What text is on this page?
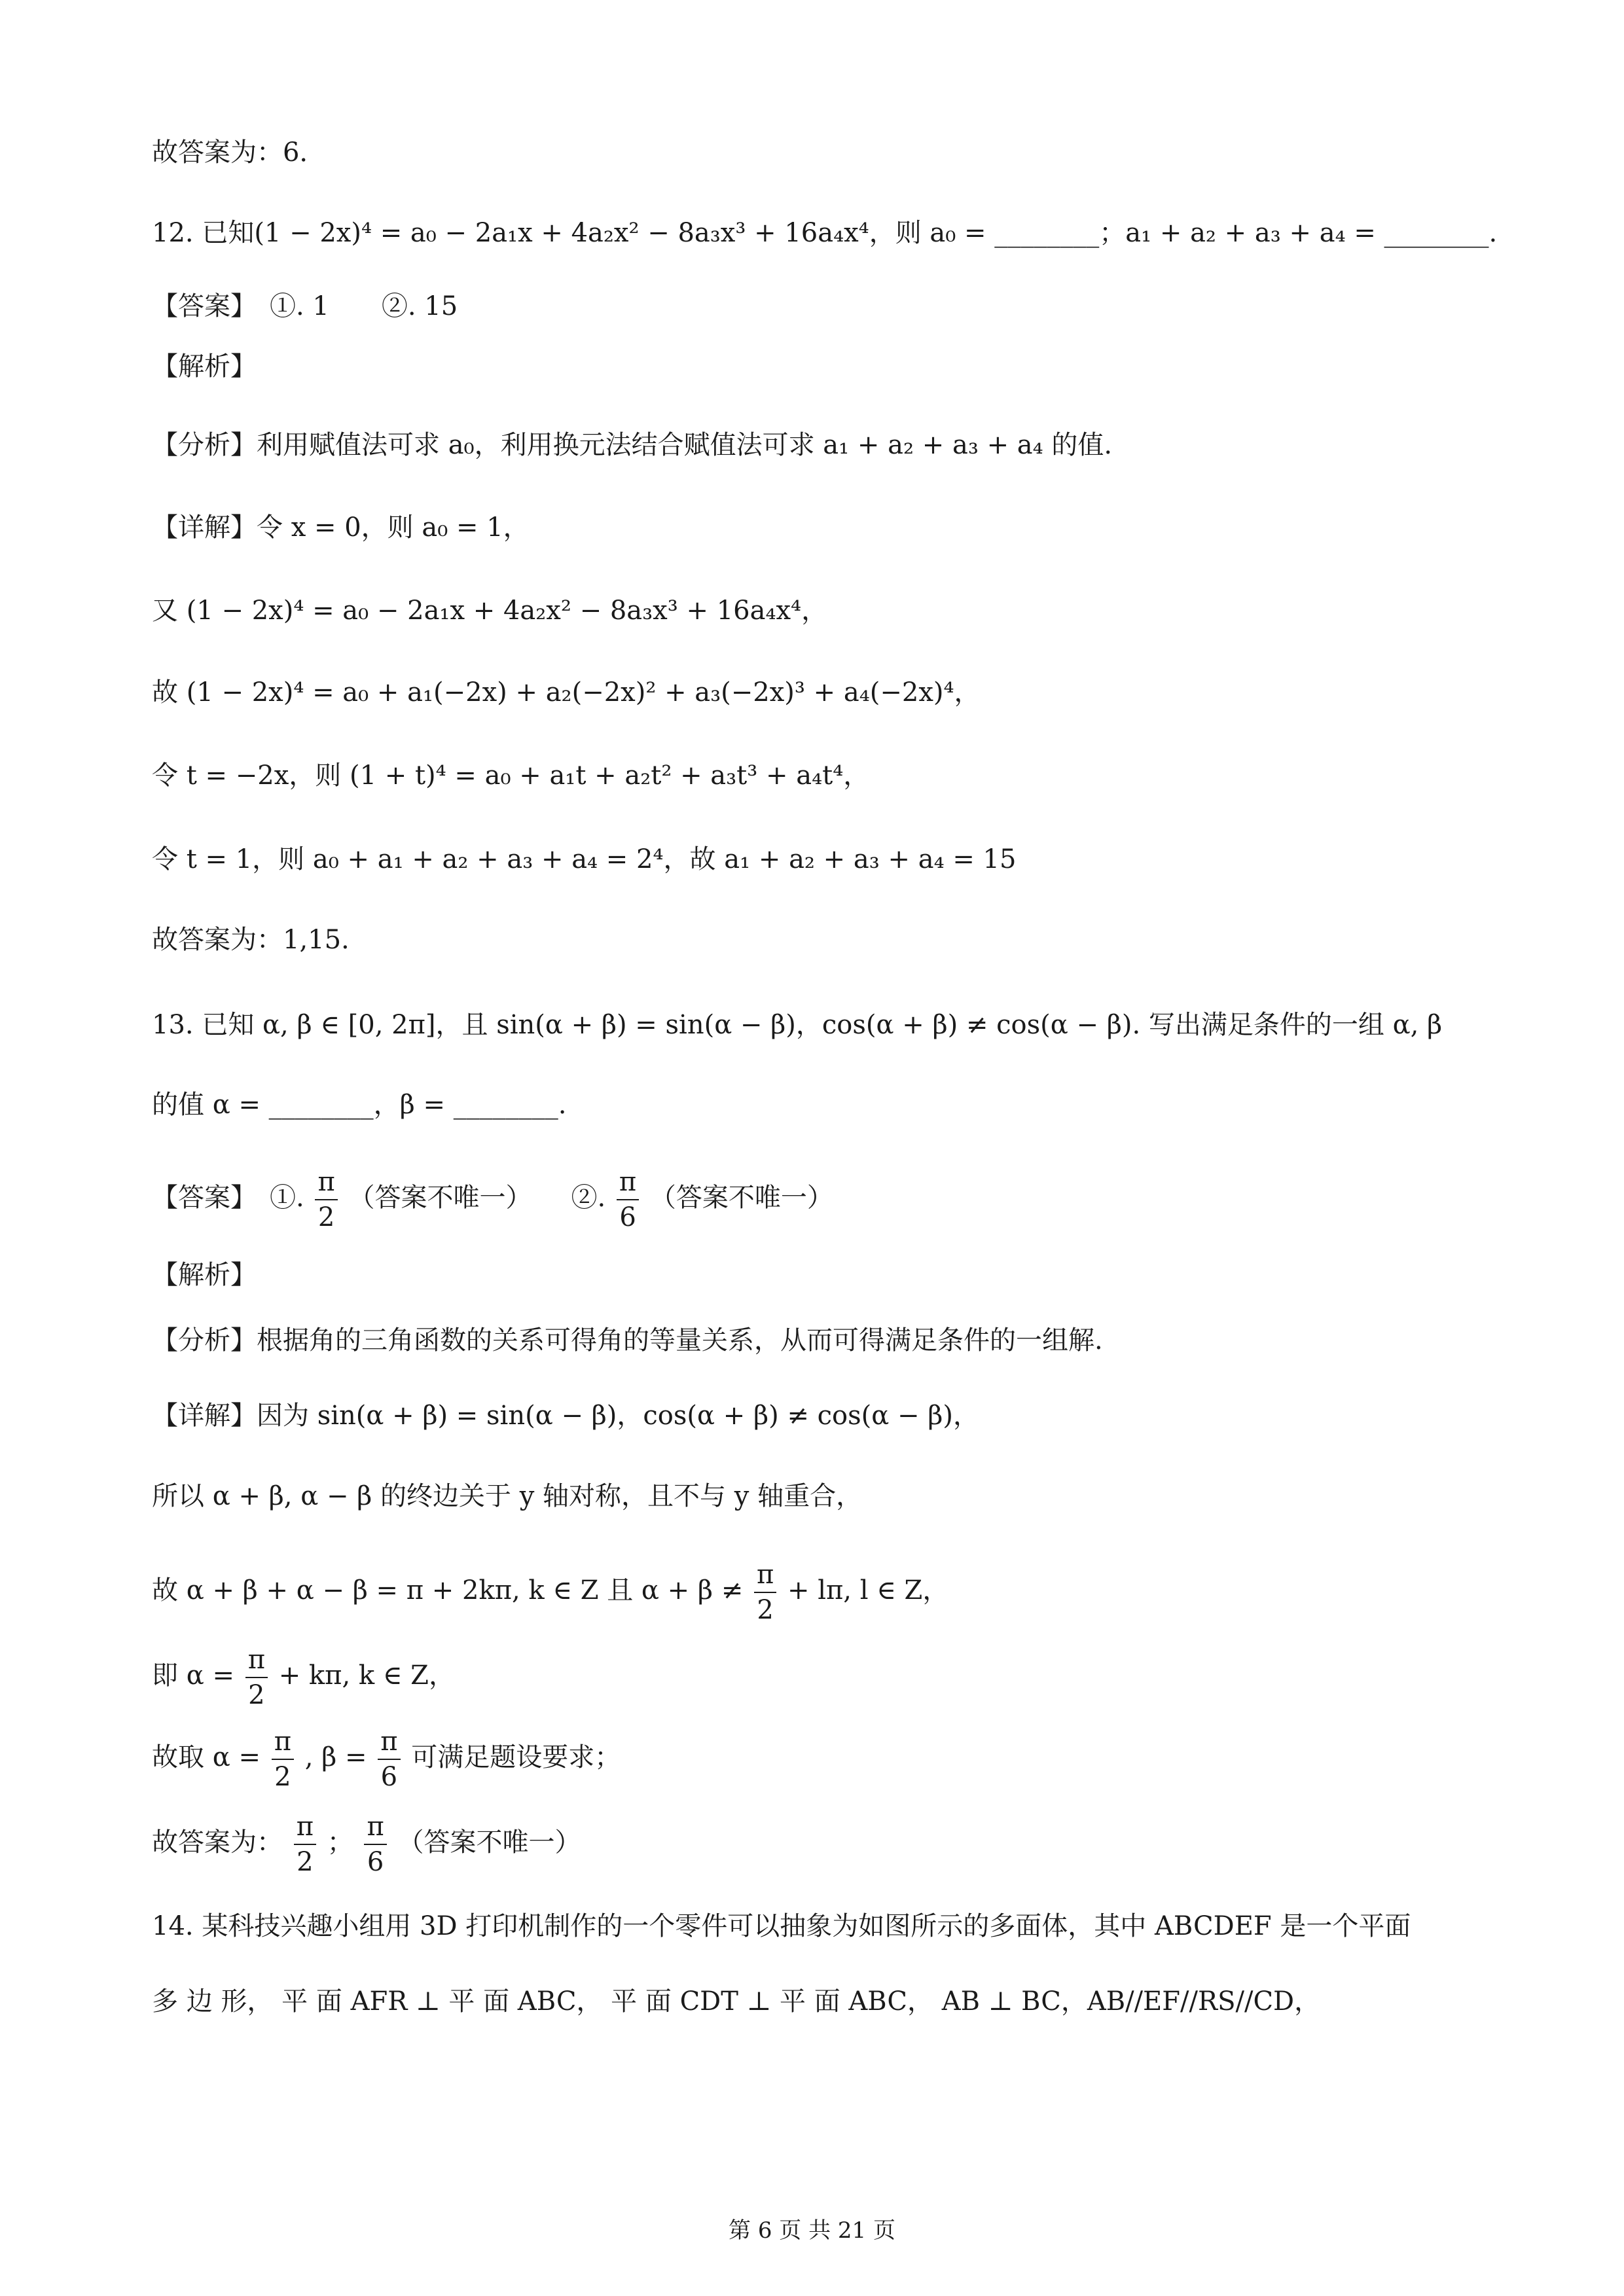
故答案为：6．
12. 已知(1 − 2x)⁴ = a₀ − 2a₁x + 4a₂x² − 8a₃x³ + 16a₄x⁴，则 a₀ = ________；a₁ + a₂ + a₃ + a₄ = ________.
【答案】　①. 1　　②. 15
【解析】
【分析】利用赋值法可求 a₀，利用换元法结合赋值法可求 a₁ + a₂ + a₃ + a₄ 的值.
【详解】令 x = 0，则 a₀ = 1，
又 (1 − 2x)⁴ = a₀ − 2a₁x + 4a₂x² − 8a₃x³ + 16a₄x⁴，
故 (1 − 2x)⁴ = a₀ + a₁(−2x) + a₂(−2x)² + a₃(−2x)³ + a₄(−2x)⁴，
令 t = −2x，则 (1 + t)⁴ = a₀ + a₁t + a₂t² + a₃t³ + a₄t⁴，
令 t = 1，则 a₀ + a₁ + a₂ + a₃ + a₄ = 2⁴，故 a₁ + a₂ + a₃ + a₄ = 15
故答案为：1,15.
13. 已知 α, β ∈ [0, 2π]，且 sin(α + β) = sin(α − β)，cos(α + β) ≠ cos(α − β). 写出满足条件的一组 α, β
的值 α = ________，β = ________.
【答案】　①. $\frac{\pi}{2}$ （答案不唯一）　　②. $\frac{\pi}{6}$ （答案不唯一）
【解析】
【分析】根据角的三角函数的关系可得角的等量关系，从而可得满足条件的一组解.
【详解】因为 sin(α + β) = sin(α − β)，cos(α + β) ≠ cos(α − β)，
所以 α + β, α − β 的终边关于 y 轴对称，且不与 y 轴重合，
故 α + β + α − β = π + 2kπ, k ∈ Z 且 $\alpha + \beta \ne \frac{\pi}{2} + l\pi$, l ∈ Z，
即 $\alpha = \frac{\pi}{2} + k\pi$, k ∈ Z，
故取 $\alpha = \frac{\pi}{2}$ , $\beta = \frac{\pi}{6}$ 可满足题设要求；
故答案为： $\frac{\pi}{2}$ ； $\frac{\pi}{6}$ （答案不唯一）
14. 某科技兴趣小组用 3D 打印机制作的一个零件可以抽象为如图所示的多面体，其中 ABCDEF 是一个平面
多 边 形， 平 面 AFR ⊥ 平 面 ABC， 平 面 CDT ⊥ 平 面 ABC， AB ⊥ BC，AB//EF//RS//CD，
第 6 页 共 21 页
